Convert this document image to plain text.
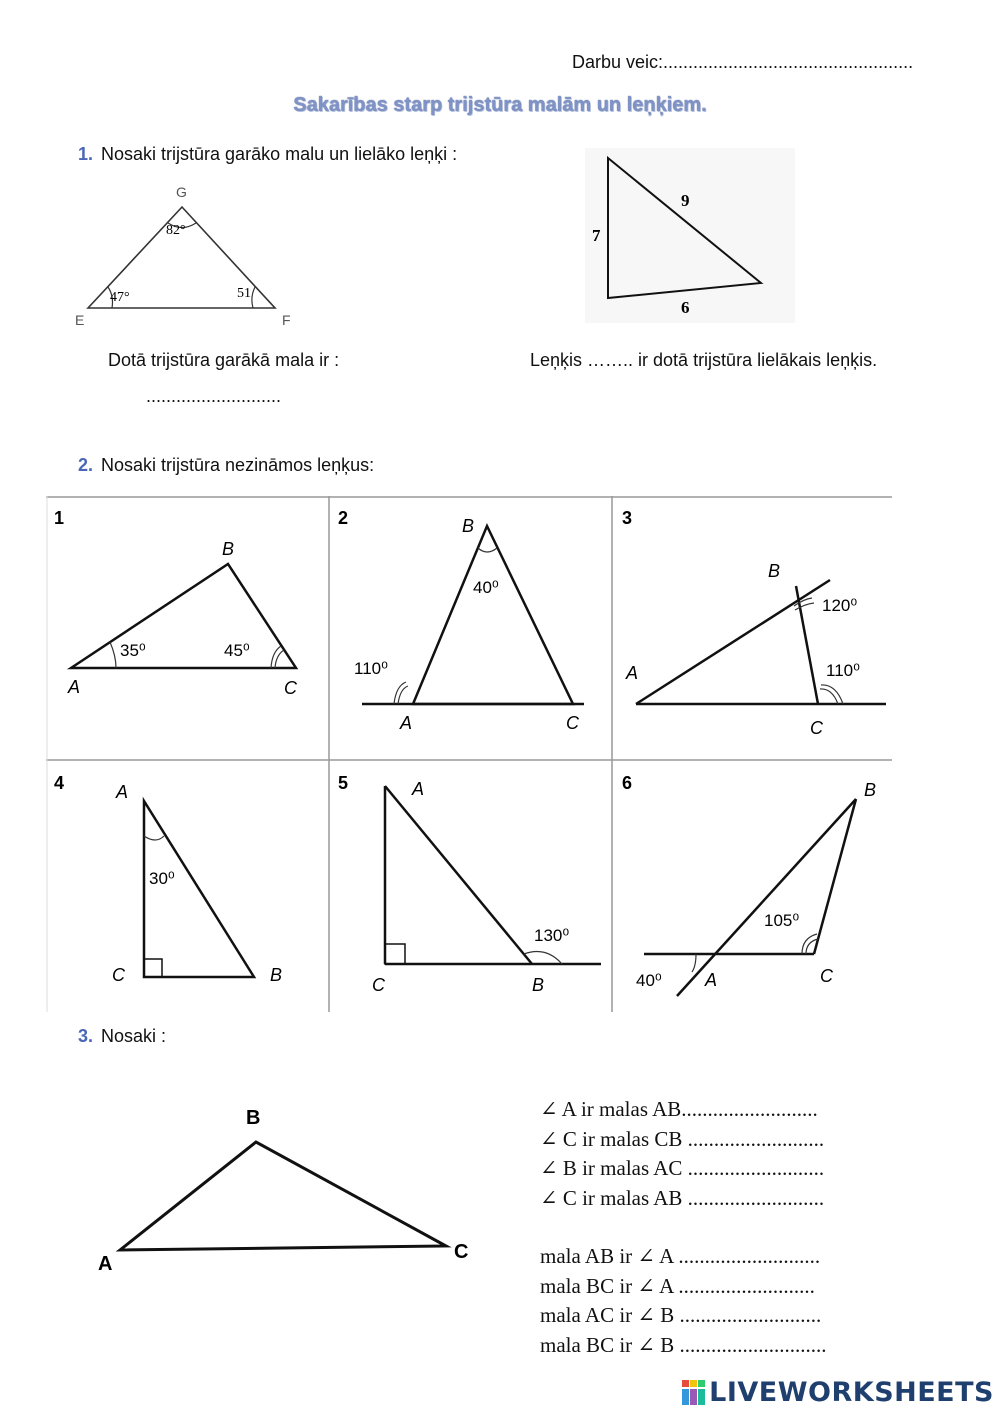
Darbu veic:..................................................
Sakarības starp trijstūra malām un leņķiem.
1. Nosaki trijstūra garāko malu un lielāko leņķi :
G
E	F
82°
47°	51
9
7
6
Dotā trijstūra garākā mala ir :
...........................
Leņķis …….. ir dotā trijstūra lielākais leņķis.
2. Nosaki trijstūra nezināmos leņķus:
1
A
B
C
35⁰	45⁰
2
A
B
C
40⁰
110⁰
3
A
B
C
120⁰
110⁰
4	A
B
C
30⁰
5	A
B
C
130⁰
6
A
B
C
105⁰
40⁰
3. Nosaki :
A
B
C
∠ A ir malas AB..........................
∠ C ir malas CB ..........................
∠ B ir malas AC ..........................
∠ C ir malas AB ..........................
mala AB ir ∠ A ...........................
mala BC ir ∠ A ..........................
mala AC ir ∠ B ...........................
mala BC ir ∠ B ............................
LIVEWORKSHEETS
